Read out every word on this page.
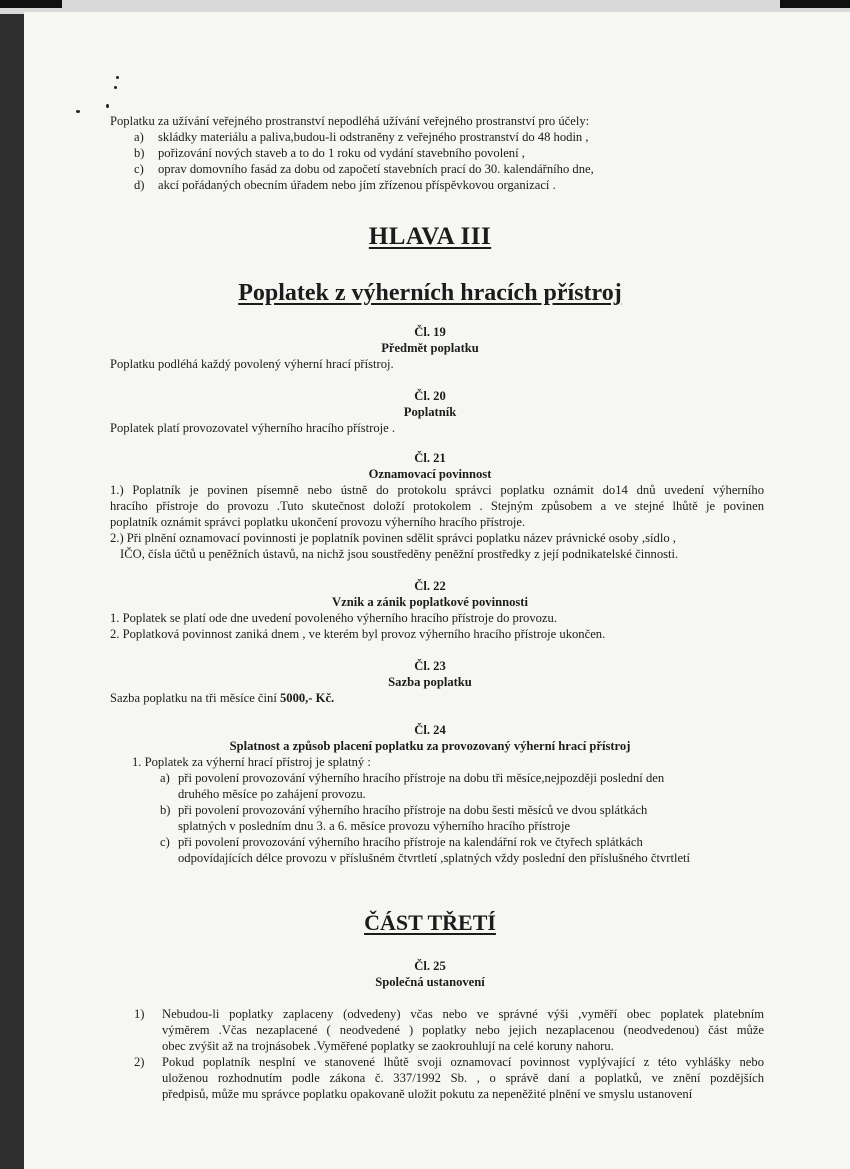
Poplatku za užívání veřejného prostranství nepodléhá užívání veřejného prostranství pro účely:
a) skládky materiálu a paliva,budou-li odstraněny z veřejného prostranství do 48 hodin ,
b) pořizování nových staveb a to do 1 roku od vydání stavebního povolení ,
c) oprav domovního fasád za dobu od započetí stavebních prací do 30. kalendářního dne,
d) akcí pořádaných obecním úřadem nebo jím zřízenou příspěvkovou organizací .
HLAVA III
Poplatek z výherních hracích přístroj
Čl. 19
Předmět poplatku
Poplatku podléhá každý povolený výherní hrací přístroj.
Čl. 20
Poplatník
Poplatek platí provozovatel výherního hracího přístroje .
Čl. 21
Oznamovací povinnost
1.) Poplatník je povinen písemně nebo ústně do protokolu správci poplatku oznámit do14 dnů uvedení výherního
hracího přístroje do provozu .Tuto skutečnost doloží protokolem . Stejným způsobem a ve stejné lhůtě je povinen
poplatník oznámit správci poplatku ukončení provozu výherního hracího přístroje.
2.) Při plnění oznamovací povinnosti je poplatník povinen sdělit správci poplatku název právnické osoby ,sídlo ,
IČO, čísla účtů u peněžních ústavů, na nichž jsou soustředěny peněžní prostředky z její podnikatelské činnosti.
Čl. 22
Vznik a zánik poplatkové povinnosti
1. Poplatek se platí ode dne uvedení povoleného výherního hracího přístroje do provozu.
2. Poplatková povinnost zaniká dnem , ve kterém byl provoz výherního hracího přístroje ukončen.
Čl. 23
Sazba poplatku
Sazba poplatku na tři měsíce činí 5000,- Kč.
Čl. 24
Splatnost a způsob placení poplatku za provozovaný výherní hrací přístroj
1. Poplatek za výherní hrací přístroj je splatný :
a) při povolení provozování výherního hracího přístroje na dobu tři měsíce,nejpozději poslední den
druhého měsíce po zahájení provozu.
b) při povolení provozování výherního hracího přístroje na dobu šesti měsíců ve dvou splátkách
splatných v posledním dnu 3. a 6. měsíce provozu výherního hracího přístroje
c) při povolení provozování výherního hracího přístroje na kalendářní rok ve čtyřech splátkách
odpovídajících délce provozu v příslušném čtvrtletí ,splatných vždy poslední den příslušného čtvrtletí
ČÁST TŘETÍ
Čl. 25
Společná ustanovení
1) Nebudou-li poplatky zaplaceny (odvedeny) včas nebo ve správné výši ,vyměří obec poplatek platebním
výměrem .Včas nezaplacené ( neodvedené ) poplatky nebo jejich nezaplacenou (neodvedenou) část může
obec zvýšit až na trojnásobek .Vyměřené poplatky se zaokrouhlují na celé koruny nahoru.
2) Pokud poplatník nesplní ve stanovené lhůtě svoji oznamovací povinnost vyplývající z této vyhlášky nebo
uloženou rozhodnutím podle zákona č. 337/1992 Sb. , o správě daní a poplatků, ve znění pozdějších
předpisů, může mu správce poplatku opakovaně uložit pokutu za nepeněžité plnění ve smyslu ustanovení
